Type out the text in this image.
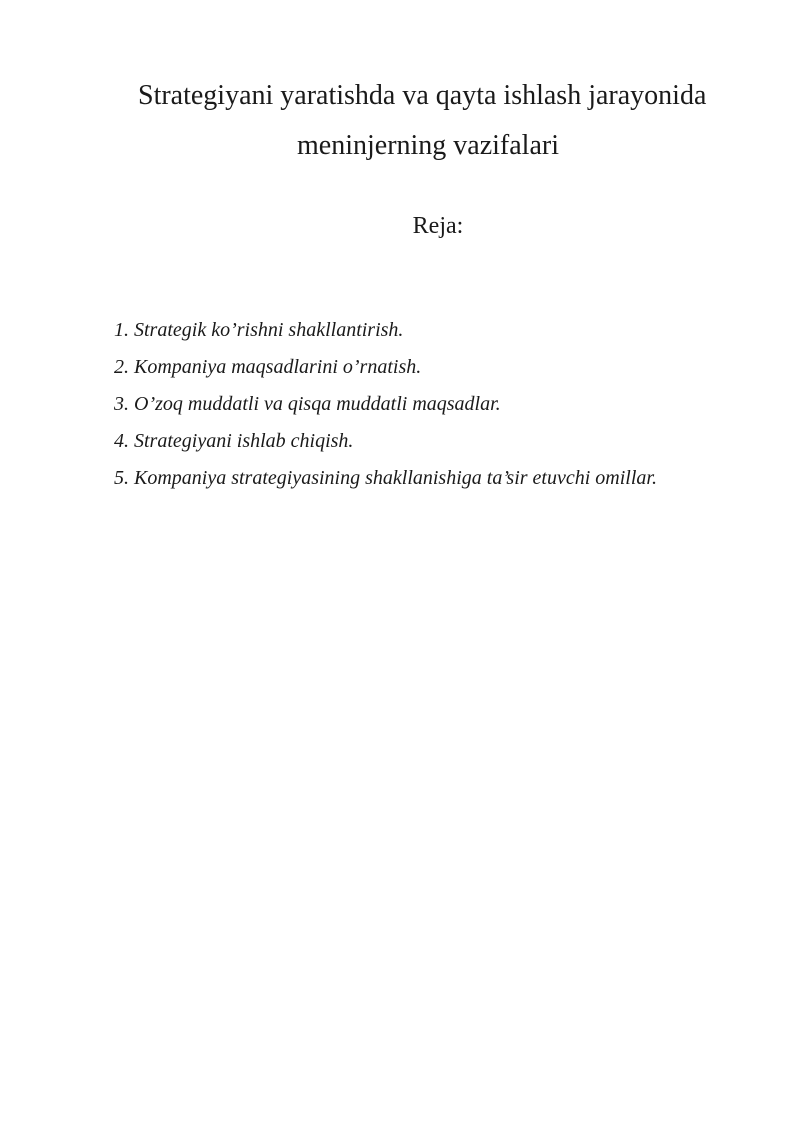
Strategiyani yaratishda va qayta ishlash jarayonida
meninjerning vazifalari
Reja:
1. Strategik ko’rishni shakllantirish.
2. Kompaniya maqsadlarini o’rnatish.
3. O’zoq muddatli va qisqa muddatli maqsadlar.
4. Strategiyani ishlab chiqish.
5. Kompaniya strategiyasining shakllanishiga ta’sir etuvchi omillar.
